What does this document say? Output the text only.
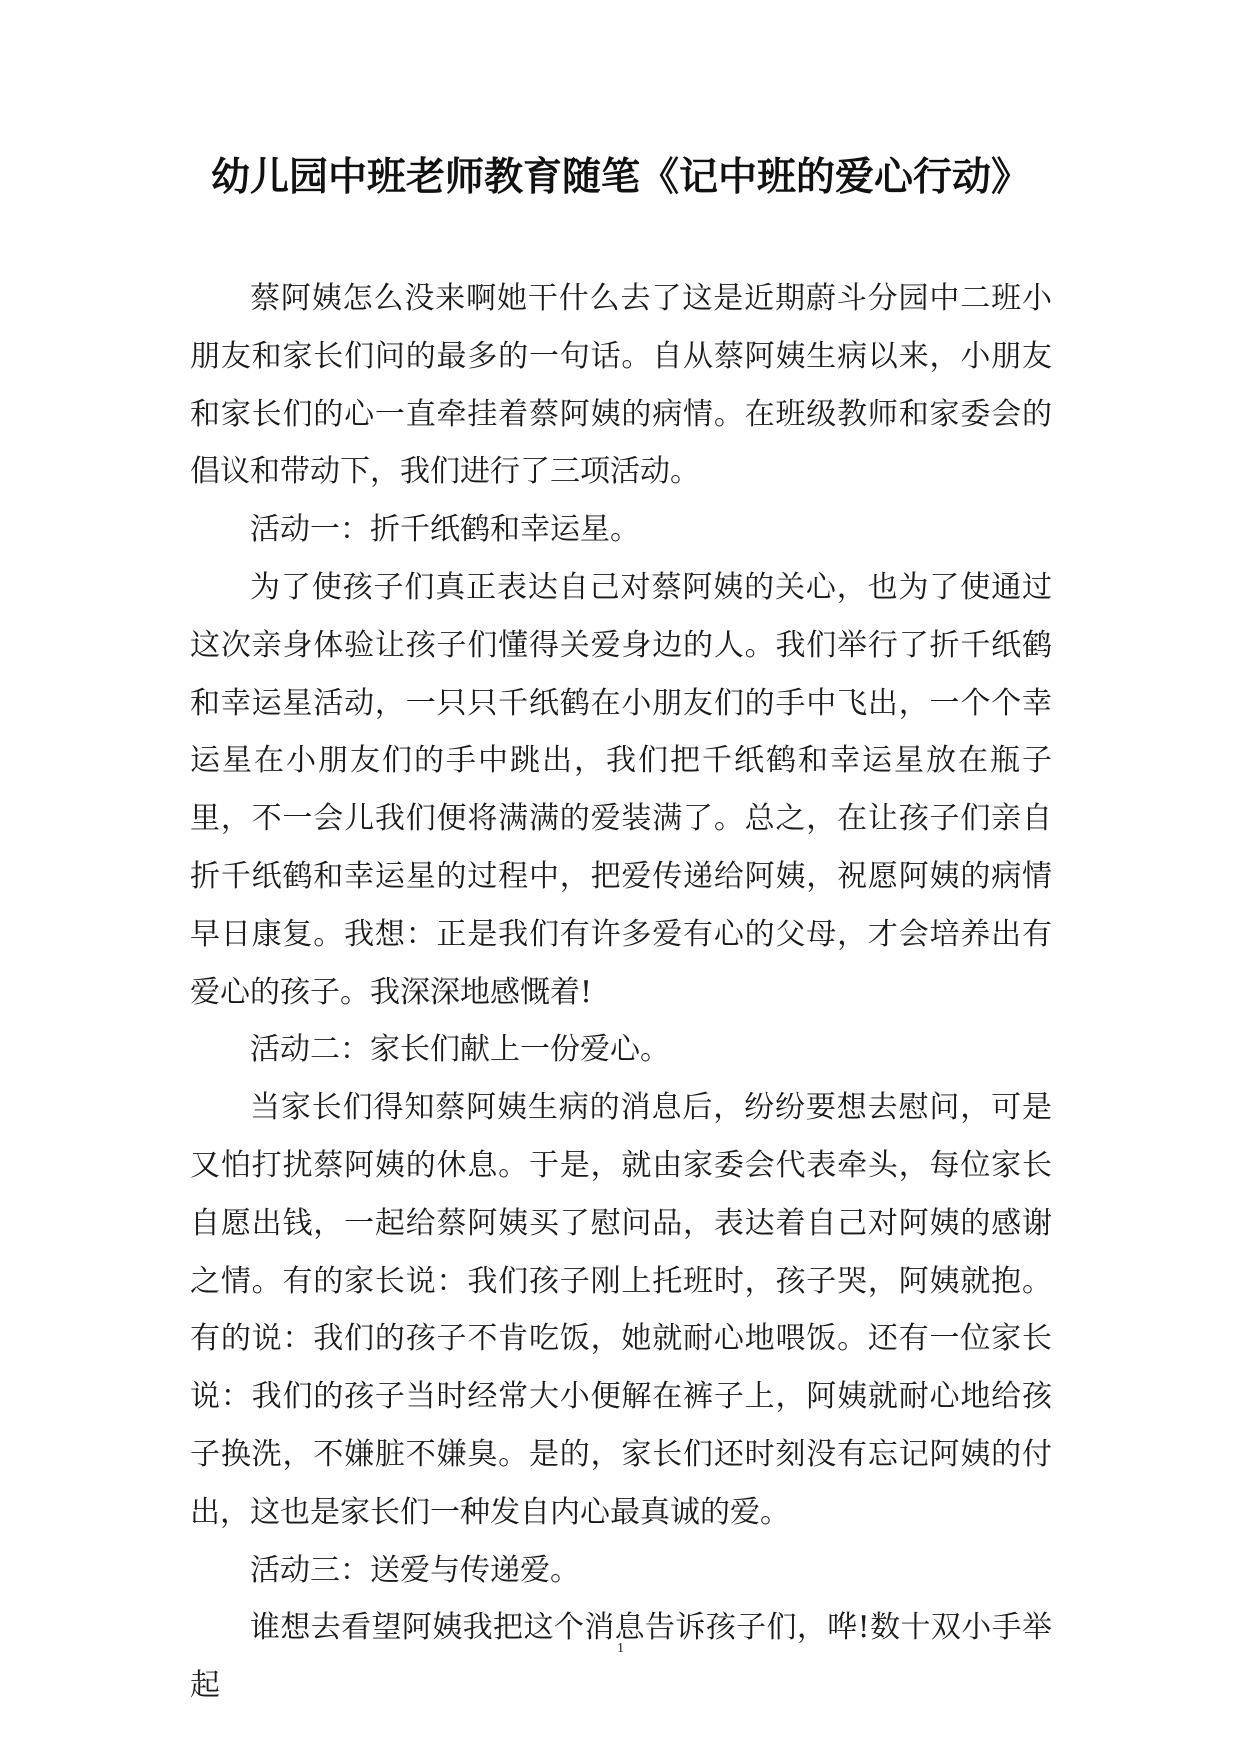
幼儿园中班老师教育随笔《记中班的爱心行动》

蔡阿姨怎么没来啊她干什么去了这是近期蔚斗分园中二班小朋友和家长们问的最多的一句话。自从蔡阿姨生病以来，小朋友和家长们的心一直牵挂着蔡阿姨的病情。在班级教师和家委会的倡议和带动下，我们进行了三项活动。

活动一：折千纸鹤和幸运星。

为了使孩子们真正表达自己对蔡阿姨的关心，也为了使通过这次亲身体验让孩子们懂得关爱身边的人。我们举行了折千纸鹤和幸运星活动，一只只千纸鹤在小朋友们的手中飞出，一个个幸运星在小朋友们的手中跳出，我们把千纸鹤和幸运星放在瓶子里，不一会儿我们便将满满的爱装满了。总之，在让孩子们亲自折千纸鹤和幸运星的过程中，把爱传递给阿姨，祝愿阿姨的病情早日康复。我想：正是我们有许多爱有心的父母，才会培养出有爱心的孩子。我深深地感慨着!

活动二：家长们献上一份爱心。

当家长们得知蔡阿姨生病的消息后，纷纷要想去慰问，可是又怕打扰蔡阿姨的休息。于是，就由家委会代表牵头，每位家长自愿出钱，一起给蔡阿姨买了慰问品，表达着自己对阿姨的感谢之情。有的家长说：我们孩子刚上托班时，孩子哭，阿姨就抱。有的说：我们的孩子不肯吃饭，她就耐心地喂饭。还有一位家长说：我们的孩子当时经常大小便解在裤子上，阿姨就耐心地给孩子换洗，不嫌脏不嫌臭。是的，家长们还时刻没有忘记阿姨的付出，这也是家长们一种发自内心最真诚的爱。

活动三：送爱与传递爱。

谁想去看望阿姨我把这个消息告诉孩子们，哗!数十双小手举起

1
